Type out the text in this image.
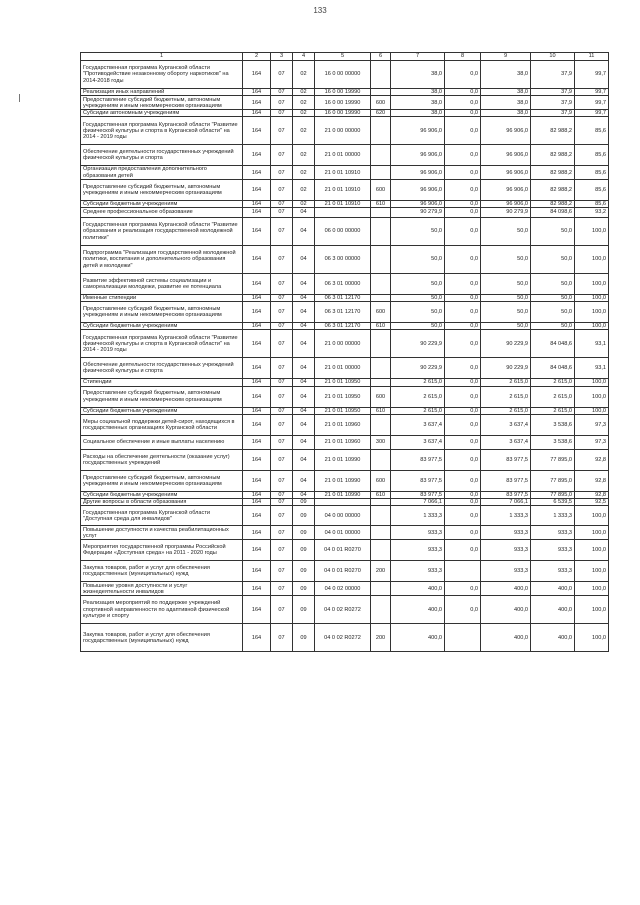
133
1	2	3	4	5	6	7	8	9	10	11
Государственная программа Курганской области "Противодействие незаконному обороту наркотиков" на 2014-2018 годы	164	07	02	16 0 00 00000		38,0	0,0	38,0	37,9	99,7
Реализация иных направлений	164	07	02	16 0 00 19990		38,0	0,0	38,0	37,9	99,7
Предоставление субсидий бюджетным, автономным учреждениям и иным некоммерческим организациям	164	07	02	16 0 00 19990	600	38,0	0,0	38,0	37,9	99,7
Субсидии автономным учреждениям	164	07	02	16 0 00 19990	620	38,0	0,0	38,0	37,9	99,7
Государственная программа Курганской области "Развитие физической культуры и спорта в Курганской области" на 2014 - 2019 годы	164	07	02	21 0 00 00000		96 906,0	0,0	96 906,0	82 988,2	85,6
Обеспечение деятельности государственных учреждений физической культуры и спорта	164	07	02	21 0 01 00000		96 906,0	0,0	96 906,0	82 988,2	85,6
Организация предоставления дополнительного образования детей	164	07	02	21 0 01 10910		96 906,0	0,0	96 906,0	82 988,2	85,6
Предоставление субсидий бюджетным, автономным учреждениям и иным некоммерческим организациям	164	07	02	21 0 01 10910	600	96 906,0	0,0	96 906,0	82 988,2	85,6
Субсидии бюджетным учреждениям	164	07	02	21 0 01 10910	610	96 906,0	0,0	96 906,0	82 988,2	85,6
Среднее профессиональное образование	164	07	04			90 279,9	0,0	90 279,9	84 098,6	93,2
Государственная программа Курганской области "Развитие образования и реализация государственной молодежной политики"	164	07	04	06 0 00 00000		50,0	0,0	50,0	50,0	100,0
Подпрограмма "Реализация государственной молодежной политики, воспитания и дополнительного образования детей и молодежи"	164	07	04	06 3 00 00000		50,0	0,0	50,0	50,0	100,0
Развитие эффективной системы социализации и самореализации молодежи, развитие ее потенциала	164	07	04	06 3 01 00000		50,0	0,0	50,0	50,0	100,0
Именные стипендии	164	07	04	06 3 01 12170		50,0	0,0	50,0	50,0	100,0
Предоставление субсидий бюджетным, автономным учреждениям и иным некоммерческим организациям	164	07	04	06 3 01 12170	600	50,0	0,0	50,0	50,0	100,0
Субсидии бюджетным учреждениям	164	07	04	06 3 01 12170	610	50,0	0,0	50,0	50,0	100,0
Государственная программа Курганской области "Развитие физической культуры и спорта в Курганской области" на 2014 - 2019 годы	164	07	04	21 0 00 00000		90 229,9	0,0	90 229,9	84 048,6	93,1
Обеспечение деятельности государственных учреждений физической культуры и спорта	164	07	04	21 0 01 00000		90 229,9	0,0	90 229,9	84 048,6	93,1
Стипендии	164	07	04	21 0 01 10950		2 615,0	0,0	2 615,0	2 615,0	100,0
Предоставление субсидий бюджетным, автономным учреждениям и иным некоммерческим организациям	164	07	04	21 0 01 10950	600	2 615,0	0,0	2 615,0	2 615,0	100,0
Субсидии бюджетным учреждениям	164	07	04	21 0 01 10950	610	2 615,0	0,0	2 615,0	2 615,0	100,0
Меры социальной поддержки детей-сирот, находящихся в государственных организациях Курганской области	164	07	04	21 0 01 10960		3 637,4	0,0	3 637,4	3 538,6	97,3
Социальное обеспечение и иные выплаты населению	164	07	04	21 0 01 10960	300	3 637,4	0,0	3 637,4	3 538,6	97,3
Расходы на обеспечение деятельности (оказание услуг) государственных учреждений	164	07	04	21 0 01 10990		83 977,5	0,0	83 977,5	77 895,0	92,8
Предоставление субсидий бюджетным, автономным учреждениям и иным некоммерческим организациям	164	07	04	21 0 01 10990	600	83 977,5	0,0	83 977,5	77 895,0	92,8
Субсидии бюджетным учреждениям	164	07	04	21 0 01 10990	610	83 977,5	0,0	83 977,5	77 895,0	92,8
Другие вопросы в области образования	164	07	09			7 066,1	0,0	7 066,1	6 539,5	92,5
Государственная программа Курганской области "Доступная среда для инвалидов"	164	07	09	04 0 00 00000		1 333,3	0,0	1 333,3	1 333,3	100,0
Повышение доступности и качества реабилитационных услуг	164	07	09	04 0 01 00000		933,3	0,0	933,3	933,3	100,0
Мероприятия государственной программы Российской Федерации «Доступная среда» на 2011 - 2020 годы	164	07	09	04 0 01 R0270		933,3	0,0	933,3	933,3	100,0
Закупка товаров, работ и услуг для обеспечения государственных (муниципальных) нужд	164	07	09	04 0 01 R0270	200	933,3		933,3	933,3	100,0
Повышение уровня доступности и услуг жизнедеятельности инвалидов	164	07	09	04 0 02 00000		400,0	0,0	400,0	400,0	100,0
Реализация мероприятий по поддержке учреждений спортивной направленности по адаптивной физической культуре и спорту	164	07	09	04 0 02 R0272		400,0	0,0	400,0	400,0	100,0
Закупка товаров, работ и услуг для обеспечения государственных (муниципальных) нужд	164	07	09	04 0 02 R0272	200	400,0		400,0	400,0	100,0
